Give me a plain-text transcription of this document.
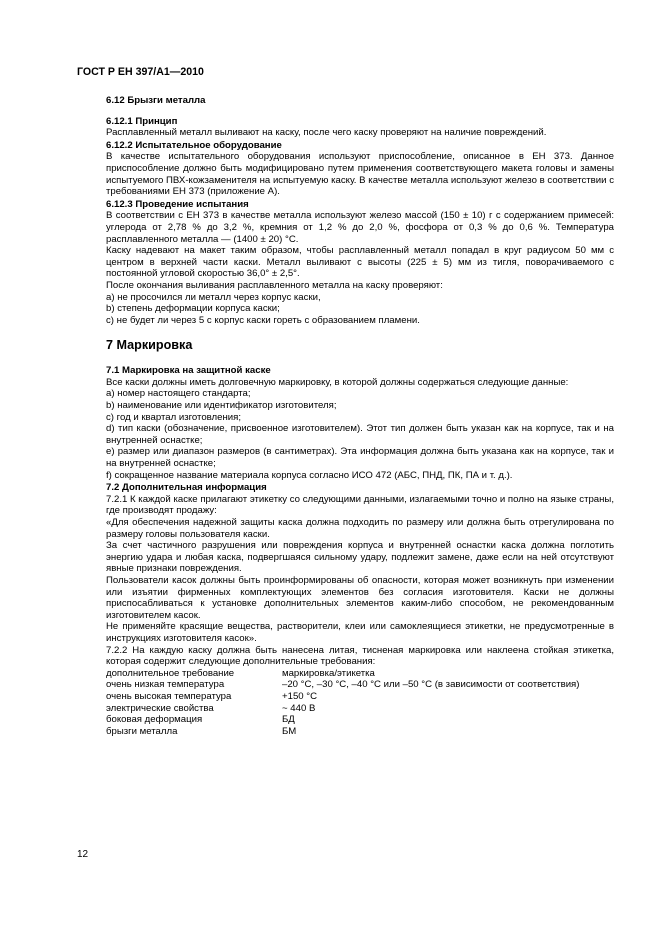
ГОСТ Р ЕН 397/A1—2010
6.12 Брызги металла
6.12.1 Принцип
Расплавленный металл выливают на каску, после чего каску проверяют на наличие повреждений.
6.12.2 Испытательное оборудование
В качестве испытательного оборудования используют приспособление, описанное в ЕН 373. Данное приспособление должно быть модифицировано путем применения соответствующего макета головы и замены испытуемого ПВХ-кожзаменителя на испытуемую каску. В качестве металла используют железо в соответствии с требованиями ЕН 373 (приложение А).
6.12.3 Проведение испытания
В соответствии с ЕН 373 в качестве металла используют железо массой (150 ± 10) г с содержанием примесей: углерода от 2,78 % до 3,2 %, кремния от 1,2 % до 2,0 %, фосфора от 0,3 % до 0,6 %. Температура расплавленного металла — (1400 ± 20) °С.
Каску надевают на макет таким образом, чтобы расплавленный металл попадал в круг радиусом 50 мм с центром в верхней части каски. Металл выливают с высоты (225 ± 5) мм из тигля, поворачиваемого с постоянной угловой скоростью 36,0° ± 2,5°.
После окончания выливания расплавленного металла на каску проверяют:
a) не просочился ли металл через корпус каски,
b) степень деформации корпуса каски;
c) не будет ли через 5 с корпус каски гореть с образованием пламени.
7 Маркировка
7.1 Маркировка на защитной каске
Все каски должны иметь долговечную маркировку, в которой должны содержаться следующие данные:
a) номер настоящего стандарта;
b) наименование или идентификатор изготовителя;
c) год и квартал изготовления;
d) тип каски (обозначение, присвоенное изготовителем). Этот тип должен быть указан как на корпусе, так и на внутренней оснастке;
e) размер или диапазон размеров (в сантиметрах). Эта информация должна быть указана как на корпусе, так и на внутренней оснастке;
f) сокращенное название материала корпуса согласно ИСО 472 (АБС, ПНД, ПК, ПА и т. д.).
7.2 Дополнительная информация
7.2.1 К каждой каске прилагают этикетку со следующими данными, излагаемыми точно и полно на языке страны, где производят продажу:
«Для обеспечения надежной защиты каска должна подходить по размеру или должна быть отрегулирована по размеру головы пользователя каски.
За счет частичного разрушения или повреждения корпуса и внутренней оснастки каска должна поглотить энергию удара и любая каска, подвергшаяся сильному удару, подлежит замене, даже если на ней отсутствуют явные признаки повреждения.
Пользователи касок должны быть проинформированы об опасности, которая может возникнуть при изменении или изъятии фирменных комплектующих элементов без согласия изготовителя. Каски не должны приспосабливаться к установке дополнительных элементов каким-либо способом, не рекомендованным изготовителем касок.
Не применяйте красящие вещества, растворители, клеи или самоклеящиеся этикетки, не предусмотренные в инструкциях изготовителя касок».
7.2.2 На каждую каску должна быть нанесена литая, тисненая маркировка или наклеена стойкая этикетка, которая содержит следующие дополнительные требования:
дополнительное требование	маркировка/этикетка
очень низкая температура	–20 °С, –30 °С, –40 °С или –50 °С (в зависимости от соответствия)
очень высокая температура	+150 °С
электрические свойства	~ 440 В
боковая деформация	БД
брызги металла	БМ
12
